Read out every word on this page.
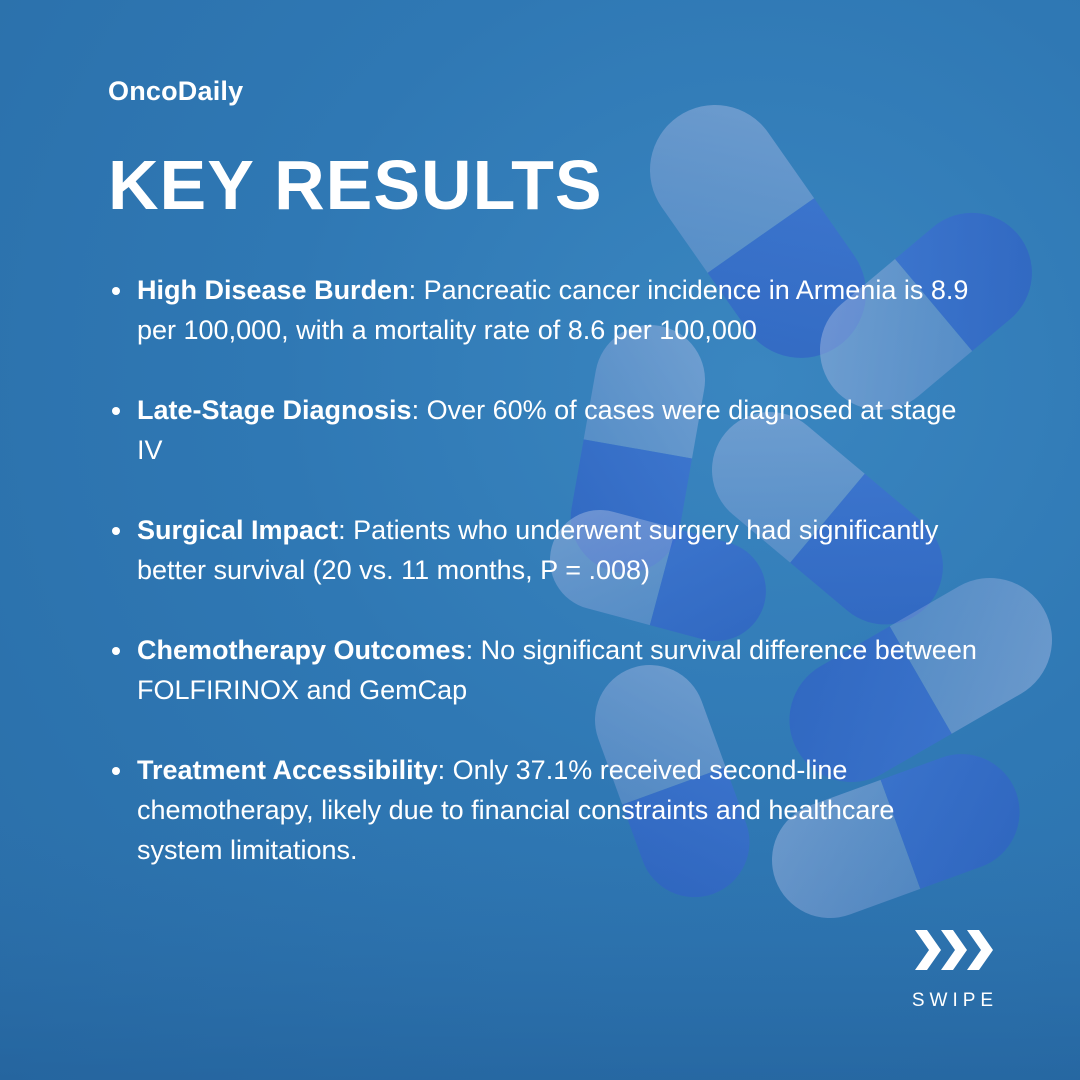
OncoDaily
KEY RESULTS
High Disease Burden: Pancreatic cancer incidence in Armenia is 8.9 per 100,000, with a mortality rate of 8.6 per 100,000
Late-Stage Diagnosis: Over 60% of cases were diagnosed at stage IV
Surgical Impact: Patients who underwent surgery had significantly better survival (20 vs. 11 months, P = .008)
Chemotherapy Outcomes: No significant survival difference between FOLFIRINOX and GemCap
Treatment Accessibility: Only 37.1% received second-line chemotherapy, likely due to financial constraints and healthcare system limitations.
SWIPE
